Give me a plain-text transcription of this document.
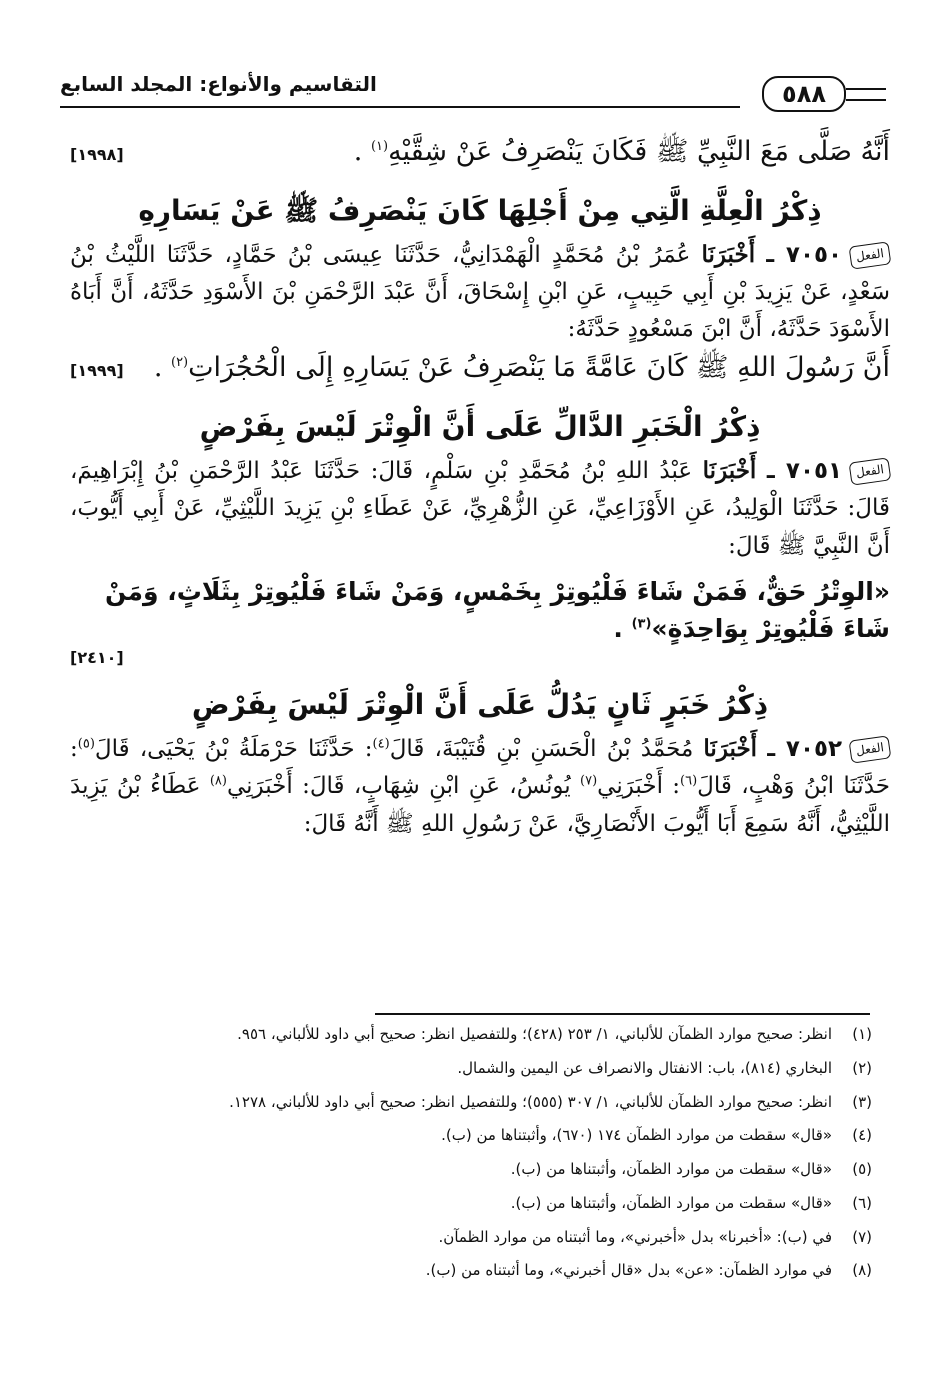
٥٨٨
التقاسيم والأنواع: المجلد السابع

أَنَّهُ صَلَّى مَعَ النَّبِيِّ ﷺ فَكَانَ يَنْصَرِفُ عَنْ شِقَّيْهِ$^{(١)}$ .

[١٩٩٨]
ذِكْرُ الْعِلَّةِ الَّتِي مِنْ أَجْلِهَا كَانَ يَنْصَرِفُ ﷺ عَنْ يَسَارِهِ

الفعل٧٠٥٠ ـ أَخْبَرَنَا عُمَرُ بْنُ مُحَمَّدٍ الْهَمْدَانِيُّ، حَدَّثَنَا عِيسَى بْنُ حَمَّادٍ، حَدَّثَنَا اللَّيْثُ بْنُ سَعْدٍ، عَنْ يَزِيدَ بْنِ أَبِي حَبِيبٍ، عَنِ ابْنِ إِسْحَاقَ، أَنَّ عَبْدَ الرَّحْمَنِ بْنَ الأَسْوَدِ حَدَّثَهُ، أَنَّ أَبَاهُ الأَسْوَدَ حَدَّثَهُ، أَنَّ ابْنَ مَسْعُودٍ حَدَّثَهُ:

أَنَّ رَسُولَ اللهِ ﷺ كَانَ عَامَّةً مَا يَنْصَرِفُ عَنْ يَسَارِهِ إِلَى الْحُجُرَاتِ$^{(٢)}$ .

[١٩٩٩]
ذِكْرُ الْخَبَرِ الدَّالِّ عَلَى أَنَّ الْوِتْرَ لَيْسَ بِفَرْضٍ

الفعل٧٠٥١ ـ أَخْبَرَنَا عَبْدُ اللهِ بْنُ مُحَمَّدِ بْنِ سَلْمٍ، قَالَ: حَدَّثَنَا عَبْدُ الرَّحْمَنِ بْنُ إِبْرَاهِيمَ، قَالَ: حَدَّثَنَا الْوَلِيدُ، عَنِ الأَوْزَاعِيِّ، عَنِ الزُّهْرِيِّ، عَنْ عَطَاءِ بْنِ يَزِيدَ اللَّيْثِيِّ، عَنْ أَبِي أَيُّوبَ، أَنَّ النَّبِيَّ ﷺ قَالَ:

«الوِتْرُ حَقٌّ، فَمَنْ شَاءَ فَلْيُوتِرْ بِخَمْسٍ، وَمَنْ شَاءَ فَلْيُوتِرْ بِثَلَاثٍ، وَمَنْ شَاءَ فَلْيُوتِرْ بِوَاحِدَةٍ»$^{(٣)}$ .

[٢٤١٠]
ذِكْرُ خَبَرٍ ثَانٍ يَدُلُّ عَلَى أَنَّ الْوِتْرَ لَيْسَ بِفَرْضٍ

الفعل٧٠٥٢ ـ أَخْبَرَنَا مُحَمَّدُ بْنُ الْحَسَنِ بْنِ قُتَيْبَةَ، قَالَ$^{(٤)}$: حَدَّثَنَا حَرْمَلَةُ بْنُ يَحْيَى، قَالَ$^{(٥)}$: حَدَّثَنَا ابْنُ وَهْبٍ، قَالَ$^{(٦)}$: أَخْبَرَنِي$^{(٧)}$ يُونُسُ، عَنِ ابْنِ شِهَابٍ، قَالَ: أَخْبَرَنِي$^{(٨)}$ عَطَاءُ بْنُ يَزِيدَ اللَّيْثِيُّ، أَنَّهُ سَمِعَ أَبَا أَيُّوبَ الأَنْصَارِيَّ، عَنْ رَسُولِ اللهِ ﷺ أَنَّهُ قَالَ:

(١)
انظر: صحيح موارد الظمآن للألباني، ١/ ٢٥٣ (٤٢٨)؛ وللتفصيل انظر: صحيح أبي داود للألباني، ٩٥٦.
(٢)
البخاري (٨١٤)، باب: الانفتال والانصراف عن اليمين والشمال.
(٣)
انظر: صحيح موارد الظمآن للألباني، ١/ ٣٠٧ (٥٥٥)؛ وللتفصيل انظر: صحيح أبي داود للألباني، ١٢٧٨.
(٤)
«قال» سقطت من موارد الظمآن ١٧٤ (٦٧٠)، وأثبتناها من (ب).
(٥)
«قال» سقطت من موارد الظمآن، وأثبتناها من (ب).
(٦)
«قال» سقطت من موارد الظمآن، وأثبتناها من (ب).
(٧)
في (ب): «أخبرنا» بدل «أخبرني»، وما أثبتناه من موارد الظمآن.
(٨)
في موارد الظمآن: «عن» بدل «قال أخبرني»، وما أثبتناه من (ب).
